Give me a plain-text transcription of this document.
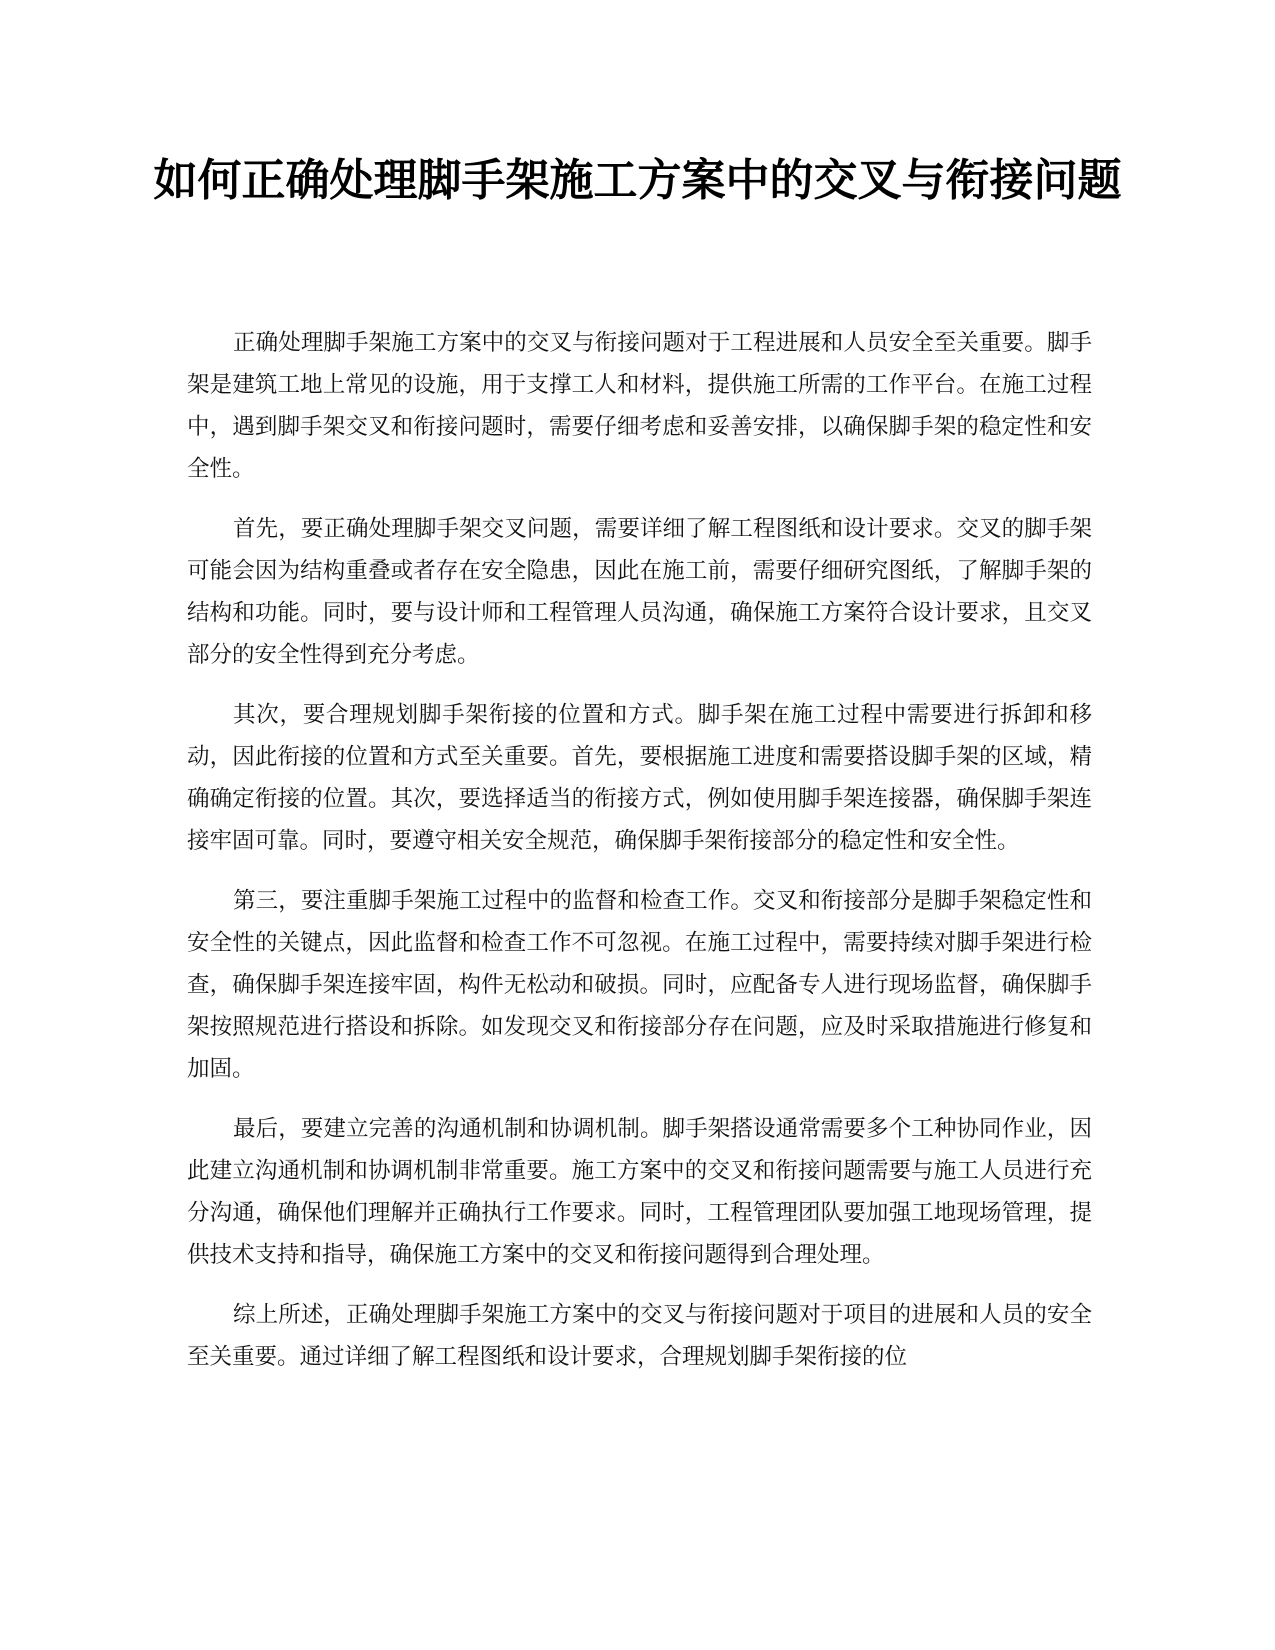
如何正确处理脚手架施工方案中的交叉与衔接问题

正确处理脚手架施工方案中的交叉与衔接问题对于工程进展和人员安全至关重要。脚手架是建筑工地上常见的设施，用于支撑工人和材料，提供施工所需的工作平台。在施工过程中，遇到脚手架交叉和衔接问题时，需要仔细考虑和妥善安排，以确保脚手架的稳定性和安全性。

首先，要正确处理脚手架交叉问题，需要详细了解工程图纸和设计要求。交叉的脚手架可能会因为结构重叠或者存在安全隐患，因此在施工前，需要仔细研究图纸，了解脚手架的结构和功能。同时，要与设计师和工程管理人员沟通，确保施工方案符合设计要求，且交叉部分的安全性得到充分考虑。

其次，要合理规划脚手架衔接的位置和方式。脚手架在施工过程中需要进行拆卸和移动，因此衔接的位置和方式至关重要。首先，要根据施工进度和需要搭设脚手架的区域，精确确定衔接的位置。其次，要选择适当的衔接方式，例如使用脚手架连接器，确保脚手架连接牢固可靠。同时，要遵守相关安全规范，确保脚手架衔接部分的稳定性和安全性。

第三，要注重脚手架施工过程中的监督和检查工作。交叉和衔接部分是脚手架稳定性和安全性的关键点，因此监督和检查工作不可忽视。在施工过程中，需要持续对脚手架进行检查，确保脚手架连接牢固，构件无松动和破损。同时，应配备专人进行现场监督，确保脚手架按照规范进行搭设和拆除。如发现交叉和衔接部分存在问题，应及时采取措施进行修复和加固。

最后，要建立完善的沟通机制和协调机制。脚手架搭设通常需要多个工种协同作业，因此建立沟通机制和协调机制非常重要。施工方案中的交叉和衔接问题需要与施工人员进行充分沟通，确保他们理解并正确执行工作要求。同时，工程管理团队要加强工地现场管理，提供技术支持和指导，确保施工方案中的交叉和衔接问题得到合理处理。

综上所述，正确处理脚手架施工方案中的交叉与衔接问题对于项目的进展和人员的安全至关重要。通过详细了解工程图纸和设计要求，合理规划脚手架衔接的位
